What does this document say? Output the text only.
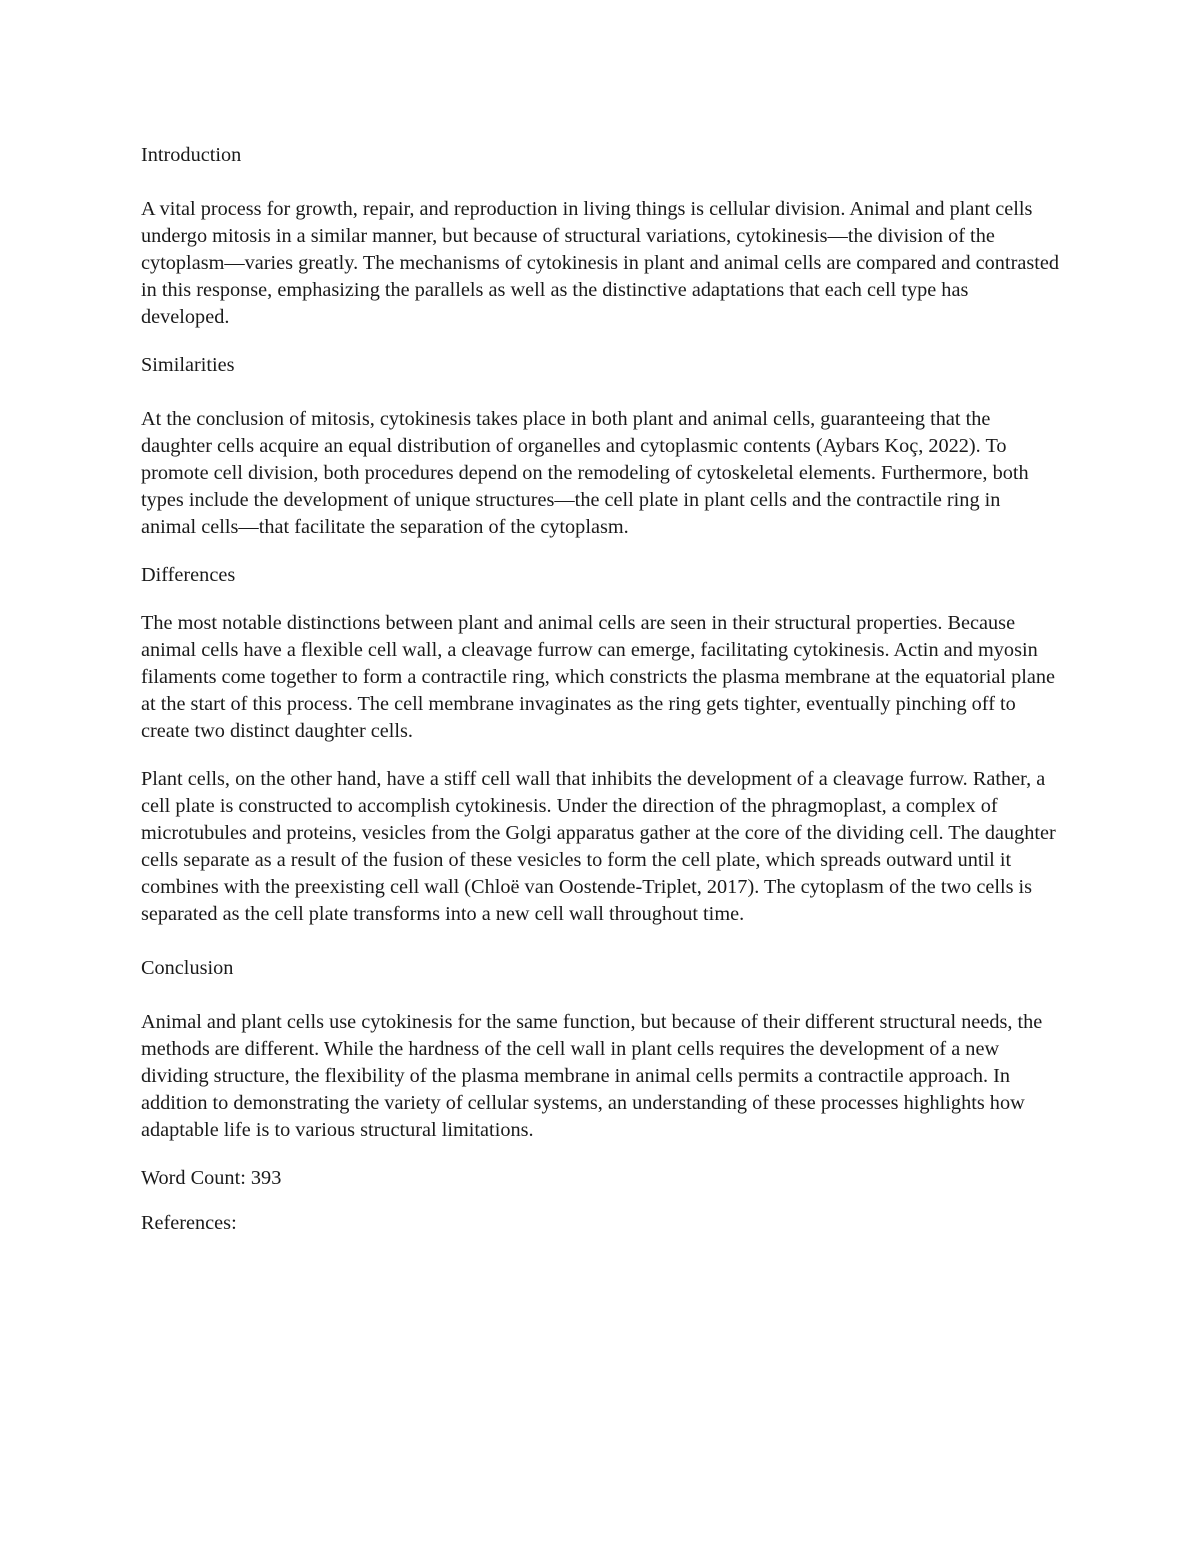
Introduction

A vital process for growth, repair, and reproduction in living things is cellular division. Animal and plant cells undergo mitosis in a similar manner, but because of structural variations, cytokinesis—the division of the cytoplasm—varies greatly. The mechanisms of cytokinesis in plant and animal cells are compared and contrasted in this response, emphasizing the parallels as well as the distinctive adaptations that each cell type has developed.

Similarities

At the conclusion of mitosis, cytokinesis takes place in both plant and animal cells, guaranteeing that the daughter cells acquire an equal distribution of organelles and cytoplasmic contents (Aybars Koç, 2022). To promote cell division, both procedures depend on the remodeling of cytoskeletal elements. Furthermore, both types include the development of unique structures—the cell plate in plant cells and the contractile ring in animal cells—that facilitate the separation of the cytoplasm.

Differences

The most notable distinctions between plant and animal cells are seen in their structural properties. Because animal cells have a flexible cell wall, a cleavage furrow can emerge, facilitating cytokinesis. Actin and myosin filaments come together to form a contractile ring, which constricts the plasma membrane at the equatorial plane at the start of this process. The cell membrane invaginates as the ring gets tighter, eventually pinching off to create two distinct daughter cells.

Plant cells, on the other hand, have a stiff cell wall that inhibits the development of a cleavage furrow. Rather, a cell plate is constructed to accomplish cytokinesis. Under the direction of the phragmoplast, a complex of microtubules and proteins, vesicles from the Golgi apparatus gather at the core of the dividing cell. The daughter cells separate as a result of the fusion of these vesicles to form the cell plate, which spreads outward until it combines with the preexisting cell wall (Chloë van Oostende-Triplet, 2017). The cytoplasm of the two cells is separated as the cell plate transforms into a new cell wall throughout time.

Conclusion

Animal and plant cells use cytokinesis for the same function, but because of their different structural needs, the methods are different. While the hardness of the cell wall in plant cells requires the development of a new dividing structure, the flexibility of the plasma membrane in animal cells permits a contractile approach. In addition to demonstrating the variety of cellular systems, an understanding of these processes highlights how adaptable life is to various structural limitations.

Word Count: 393

References:
